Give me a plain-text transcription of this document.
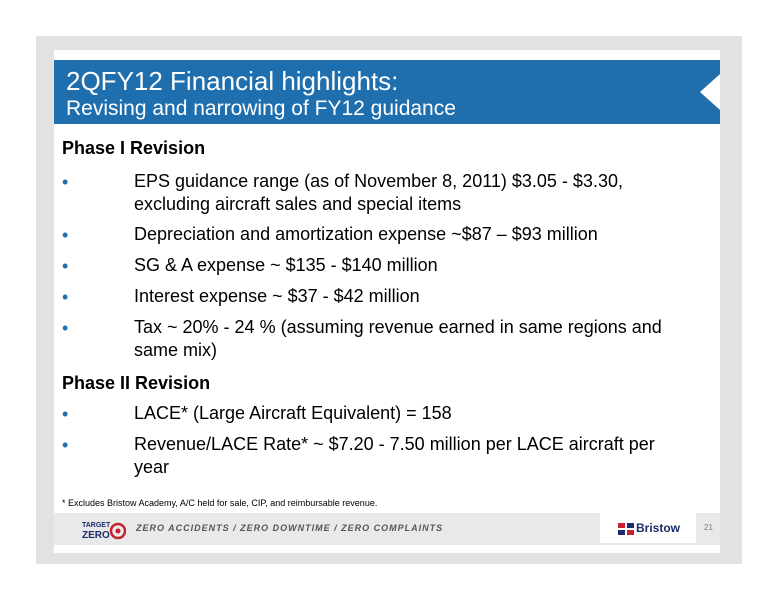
2QFY12 Financial highlights:
Revising and narrowing of FY12 guidance
Phase I Revision
•	EPS guidance range (as of November 8, 2011) $3.05 - $3.30, excluding aircraft sales and special items
•	Depreciation and amortization expense ~$87 – $93 million
•	SG & A expense ~ $135 - $140 million
•	Interest expense ~ $37 - $42 million
•	Tax ~ 20% - 24 % (assuming revenue earned in same regions and same mix)
Phase II Revision
•	LACE* (Large Aircraft Equivalent) = 158
•	Revenue/LACE Rate* ~ $7.20 - 7.50 million per LACE aircraft per year
* Excludes Bristow Academy, A/C held for sale, CIP, and reimbursable revenue.
TARGET
ZERO
ZERO ACCIDENTS / ZERO DOWNTIME / ZERO COMPLAINTS	Bristow	21
